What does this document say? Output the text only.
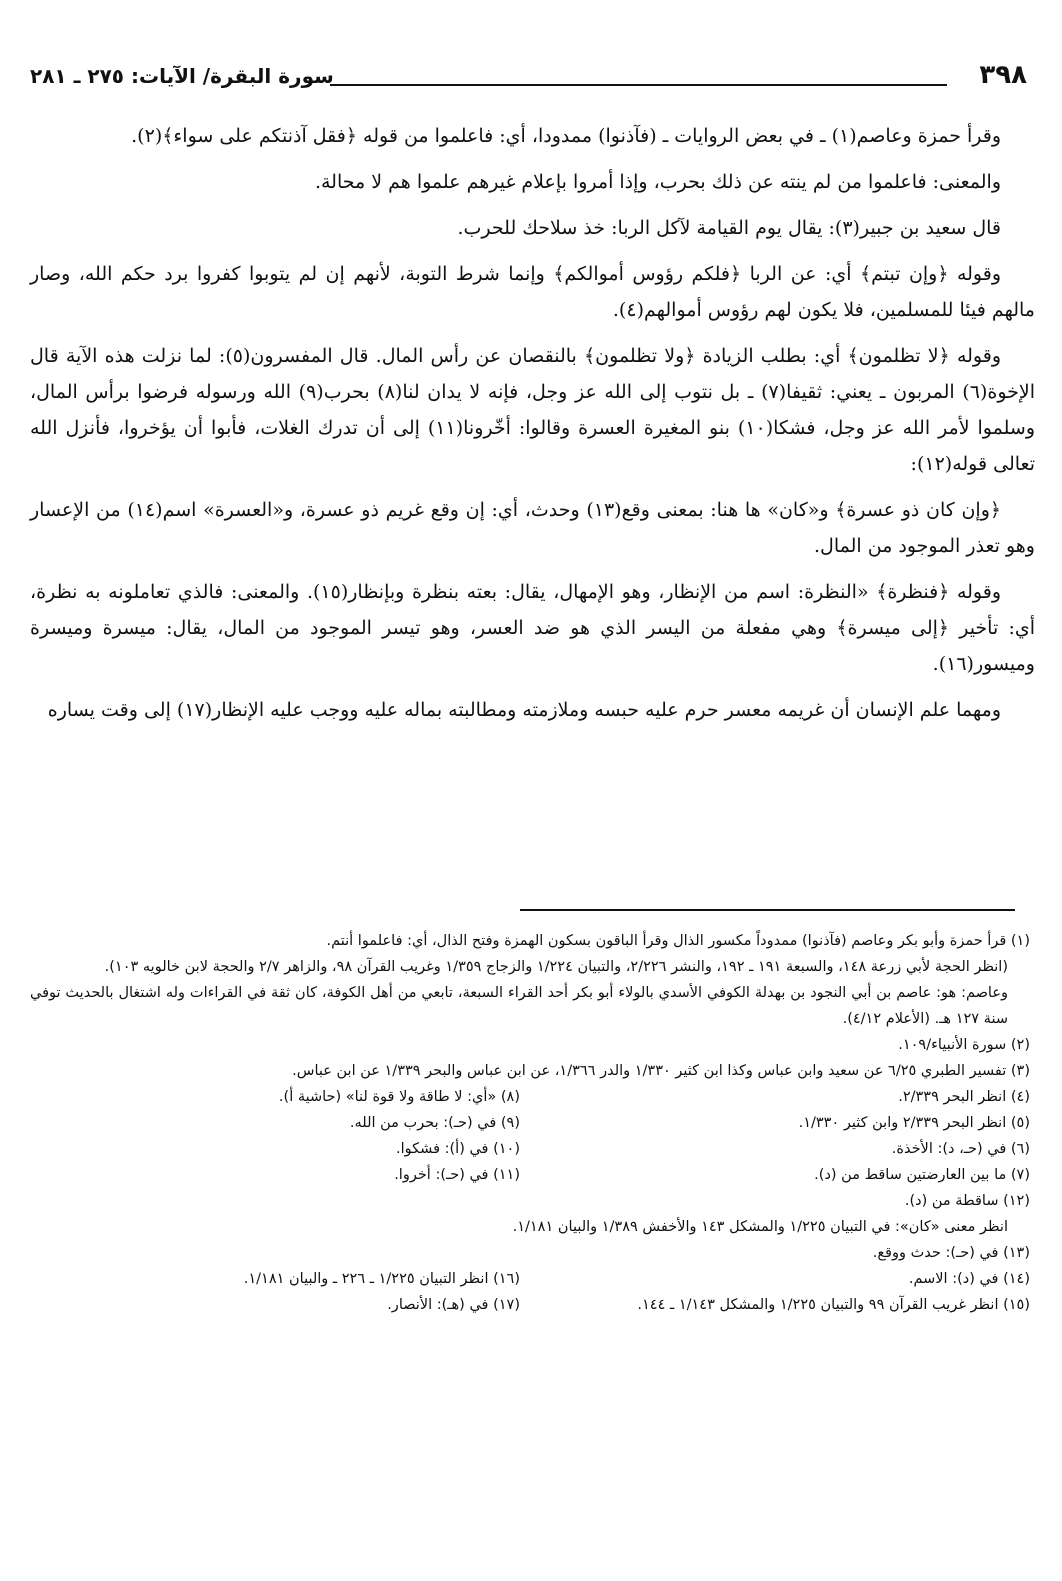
٣٩٨
سورة البقرة/ الآيات: ٢٧٥ ـ ٢٨١

وقرأ حمزة وعاصم(١) ـ في بعض الروايات ـ (فآذنوا) ممدودا، أي: فاعلموا من قوله ﴿فقل آذنتكم على سواء﴾(٢).

والمعنى: فاعلموا من لم ينته عن ذلك بحرب، وإذا أمروا بإعلام غيرهم علموا هم لا محالة.

قال سعيد بن جبير(٣): يقال يوم القيامة لآكل الربا: خذ سلاحك للحرب.

وقوله ﴿وإن تبتم﴾ أي: عن الربا ﴿فلكم رؤوس أموالكم﴾ وإنما شرط التوبة، لأنهم إن لم يتوبوا كفروا برد حكم الله، وصار مالهم فيئا للمسلمين، فلا يكون لهم رؤوس أموالهم(٤).

وقوله ﴿لا تظلمون﴾ أي: بطلب الزيادة ﴿ولا تظلمون﴾ بالنقصان عن رأس المال. قال المفسرون(٥): لما نزلت هذه الآية قال الإخوة(٦) المربون ـ يعني: ثقيفا(٧) ـ بل نتوب إلى الله عز وجل، فإنه لا يدان لنا(٨) بحرب(٩) الله ورسوله فرضوا برأس المال، وسلموا لأمر الله عز وجل، فشكا(١٠) بنو المغيرة العسرة وقالوا: أخّرونا(١١) إلى أن تدرك الغلات، فأبوا أن يؤخروا، فأنزل الله تعالى قوله(١٢):

﴿وإن كان ذو عسرة﴾ و«كان» ها هنا: بمعنى وقع(١٣) وحدث، أي: إن وقع غريم ذو عسرة، و«العسرة» اسم(١٤) من الإعسار وهو تعذر الموجود من المال.

وقوله ﴿فنظرة﴾ «النظرة: اسم من الإنظار، وهو الإمهال، يقال: بعته بنظرة وبإنظار(١٥). والمعنى: فالذي تعاملونه به نظرة، أي: تأخير ﴿إلى ميسرة﴾ وهي مفعلة من اليسر الذي هو ضد العسر، وهو تيسر الموجود من المال، يقال: ميسرة وميسرة وميسور(١٦).

ومهما علم الإنسان أن غريمه معسر حرم عليه حبسه وملازمته ومطالبته بماله عليه ووجب عليه الإنظار(١٧) إلى وقت يساره

(١) قرأ حمزة وأبو بكر وعاصم (فآذنوا) ممدوداً مكسور الذال وقرأ الباقون بسكون الهمزة وفتح الذال، أي: فاعلموا أنتم.

(انظر الحجة لأبي زرعة ١٤٨، والسبعة ١٩١ ـ ١٩٢، والنشر ٢/٢٢٦، والتبيان ١/٢٢٤ والزجاج ١/٣٥٩ وغريب القرآن ٩٨، والزاهر ٢/٧ والحجة لابن خالويه ١٠٣).

وعاصم: هو: عاصم بن أبي النجود بن بهدلة الكوفي الأسدي بالولاء أبو بكر أحد القراء السبعة، تابعي من أهل الكوفة، كان ثقة في القراءات وله اشتغال بالحديث توفي سنة ١٢٧ هـ. (الأعلام ٤/١٢).

(٢) سورة الأنبياء/١٠٩.

(٣) تفسير الطبري ٦/٢٥ عن سعيد وابن عباس وكذا ابن كثير ١/٣٣٠ والدر ١/٣٦٦، عن ابن عباس والبحر ١/٣٣٩ عن ابن عباس.

(٤) انظر البحر ٢/٣٣٩.

(٥) انظر البحر ٢/٣٣٩ وابن كثير ١/٣٣٠.

(٦) في (حـ، د): الأخذة.

(٧) ما بين العارضتين ساقط من (د).

(١٢) ساقطة من (د).

(٨) «أي: لا طاقة ولا قوة لنا» (حاشية أ).

(٩) في (حـ): بحرب من الله.

(١٠) في (أ): فشكوا.

(١١) في (حـ): أخروا.

انظر معنى «كان»: في التبيان ١/٢٢٥ والمشكل ١٤٣ والأخفش ١/٣٨٩ والبيان ١/١٨١.

(١٣) في (حـ): حدث ووقع.

(١٤) في (د): الاسم.

(١٥) انظر غريب القرآن ٩٩ والتبيان ١/٢٢٥ والمشكل ١/١٤٣ ـ ١٤٤.

(١٦) انظر التبيان ١/٢٢٥ ـ ٢٢٦ ـ والبيان ١/١٨١.

(١٧) في (هـ): الأنصار.
